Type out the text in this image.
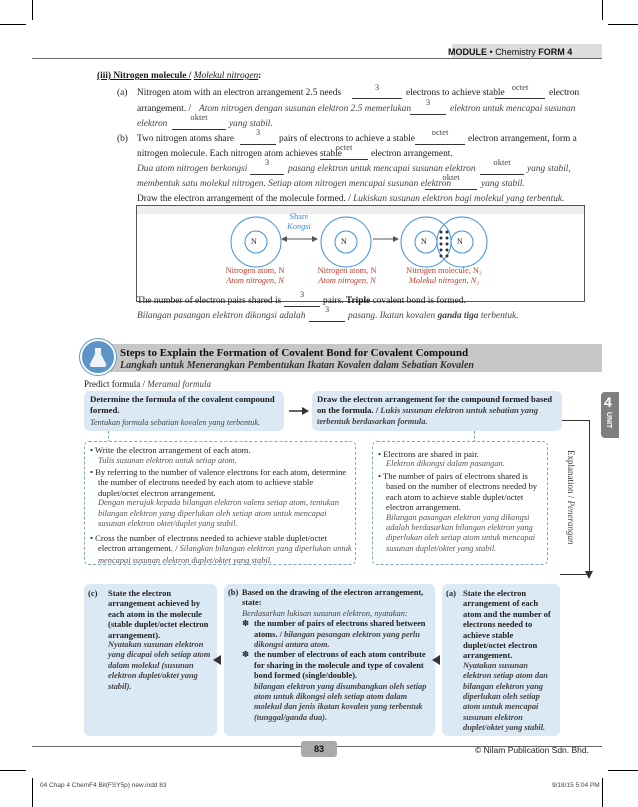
MODULE • Chemistry FORM 4
(iii) Nitrogen molecule / Molekul nitrogen:
(a) Nitrogen atom with an electron arrangement 2.5 needs
3
electrons to achieve stable
octet
electron
arrangement. / Atom nitrogen dengan susunan elektron 2.5 memerlukan
3
elektron untuk mencapai susunan
elektron
oktet
yang stabil.
(b) Two nitrogen atoms share
3
pairs of electrons to achieve a stable
octet
electron arrangement, form a
nitrogen molecule. Each nitrogen atom achieves stable
octet
electron arrangement.
Dua atom nitrogen berkongsi
3
pasang elektron untuk mencapai susunan elektron
oktet
yang stabil,
membentuk satu molekul nitrogen. Setiap atom nitrogen mencapai susunan elektron
oktet
yang stabil.
Draw the electron arrangement of the molecule formed. / Lukiskan susunan elektron bagi molekul yang terbentuk.
Share
Kongsi
N	N	N	N
Nitrogen atom, N
Atom nitrogen, N
Nitrogen atom, N
Atom nitrogen, N
Nitrogen molecule, N₂
Molekul nitrogen, N₂
The number of electron pairs shared is
3
pairs. Triple covalent bond is formed.
Bilangan pasangan elektron dikongsi adalah
3
pasang. Ikatan kovalen ganda tiga terbentuk.
Steps to Explain the Formation of Covalent Bond for Covalent Compound
Langkah untuk Menerangkan Pembentukan Ikatan Kovalen dalam Sebatian Kovalen
Predict formula / Meramal formula
Determine the formula of the covalent compound
formed.
Tentukan formula sebatian kovalen yang terbentuk.
Draw the electron arrangement for the compound formed based
on the formula. / Lukis susunan elektron untuk sebatian yang
terbentuk berdasarkan formula.
4
UNIT
• Write the electron arrangement of each atom.
Tulis susunan elektron untuk setiap atom.
• By referring to the number of valence electrons for each atom, determine the number of electrons needed by each atom to achieve stable duplet/octet electron arrangement.
Dengan merujuk kepada bilangan elektron valens setiap atom, tentukan bilangan elektron yang diperlukan oleh setiap atom untuk mencapai susunan elektron oktet/duplet yang stabil.
• Cross the number of electrons needed to achieve stable duplet/octet electron arrangement. / Silangkan bilangan elektron yang diperlukan untuk mencapai susunan elektron duplet/oktet yang stabil.
• Electrons are shared in pair.
Elektron dikongsi dalam pasangan.
• The number of pairs of electrons shared is based on the number of electrons needed by each atom to achieve stable duplet/octet electron arrangement.
Bilangan pasangan elektron yang dikongsi adalah berdasarkan bilangan elektron yang diperlukan oleh setiap atom untuk mencapai susunan duplet/oktet yang stabil.
Explanation / Penerangan
(c)	State the electron arrangement achieved by each atom in the molecule (stable duplet/octet electron arrangement).
Nyatakan susunan elektron yang dicapai oleh setiap atom dalam molekul (susunan elektron duplet/oktet yang stabil).
(b) Based on the drawing of the electron arrangement, state:
Berdasarkan lukisan susunan elektron, nyatakan:
✽ the number of pairs of electrons shared between atoms. / bilangan pasangan elektron yang perlu dikongsi antara atom.
✽ the number of electrons of each atom contribute for sharing in the molecule and type of covalent bond formed (single/double).
bilangan elektron yang disumbangkan oleh setiap atom untuk dikongsi oleh setiap atom dalam molekul dan jenis ikatan kovalen yang terbentuk (tunggal/ganda dua).
(a) State the electron arrangement of each atom and the number of electrons needed to achieve stable duplet/octet electron arrangement.
Nyatakan susunan elektron setiap atom dan bilangan elektron yang diperlukan oleh setiap atom untuk mencapai susunan elektron duplet/oktet yang stabil.
83	© Nilam Publication Sdn. Bhd.
04 Chap 4 ChemF4 Bil(FSY5p) new.indd 83	9/18/15 5:04 PM
